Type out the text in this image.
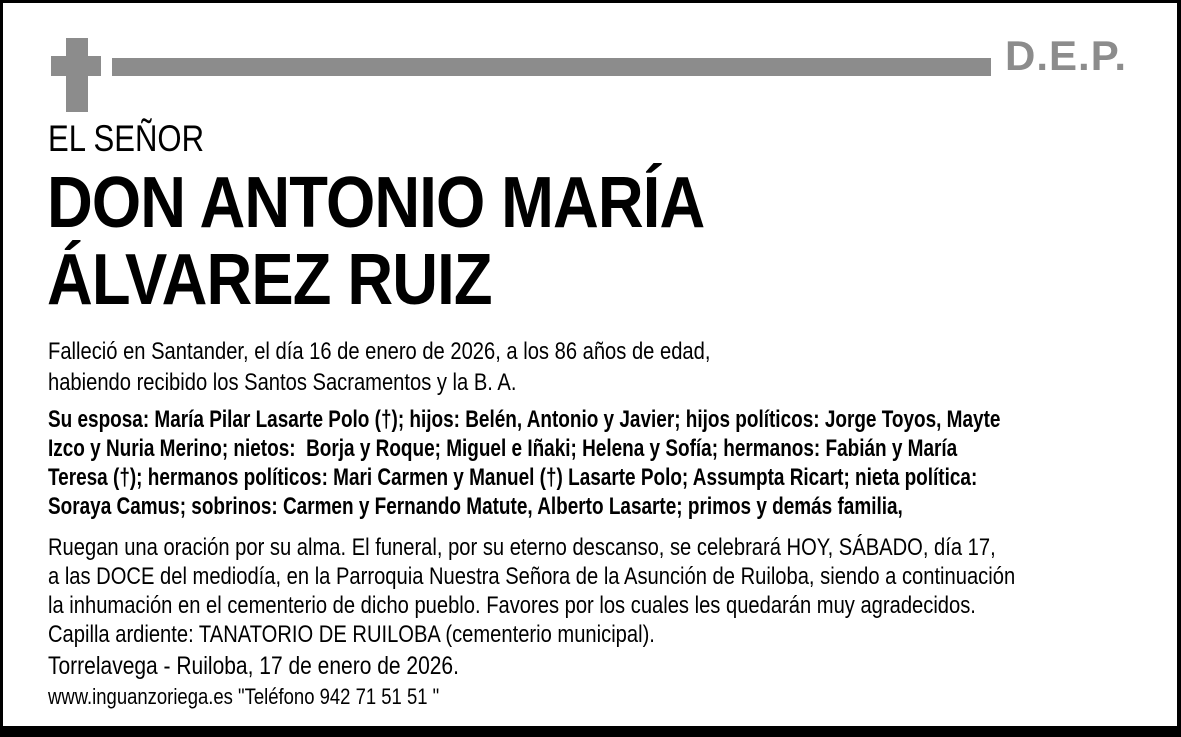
D.E.P.
EL SEÑOR
DON ANTONIO MARÍA
ÁLVAREZ RUIZ
Falleció en Santander, el día 16 de enero de 2026, a los 86 años de edad,
habiendo recibido los Santos Sacramentos y la B. A.
Su esposa: María Pilar Lasarte Polo (†); hijos: Belén, Antonio y Javier; hijos políticos: Jorge Toyos, Mayte
Izco y Nuria Merino; nietos:  Borja y Roque; Miguel e Iñaki; Helena y Sofía; hermanos: Fabián y María
Teresa (†); hermanos políticos: Mari Carmen y Manuel (†) Lasarte Polo; Assumpta Ricart; nieta política:
Soraya Camus; sobrinos: Carmen y Fernando Matute, Alberto Lasarte; primos y demás familia,
Ruegan una oración por su alma. El funeral, por su eterno descanso, se celebrará HOY, SÁBADO, día 17,
a las DOCE del mediodía, en la Parroquia Nuestra Señora de la Asunción de Ruiloba, siendo a continuación
la inhumación en el cementerio de dicho pueblo. Favores por los cuales les quedarán muy agradecidos.
Capilla ardiente: TANATORIO DE RUILOBA (cementerio municipal).
Torrelavega - Ruiloba, 17 de enero de 2026.
www.inguanzoriega.es "Teléfono 942 71 51 51 "
